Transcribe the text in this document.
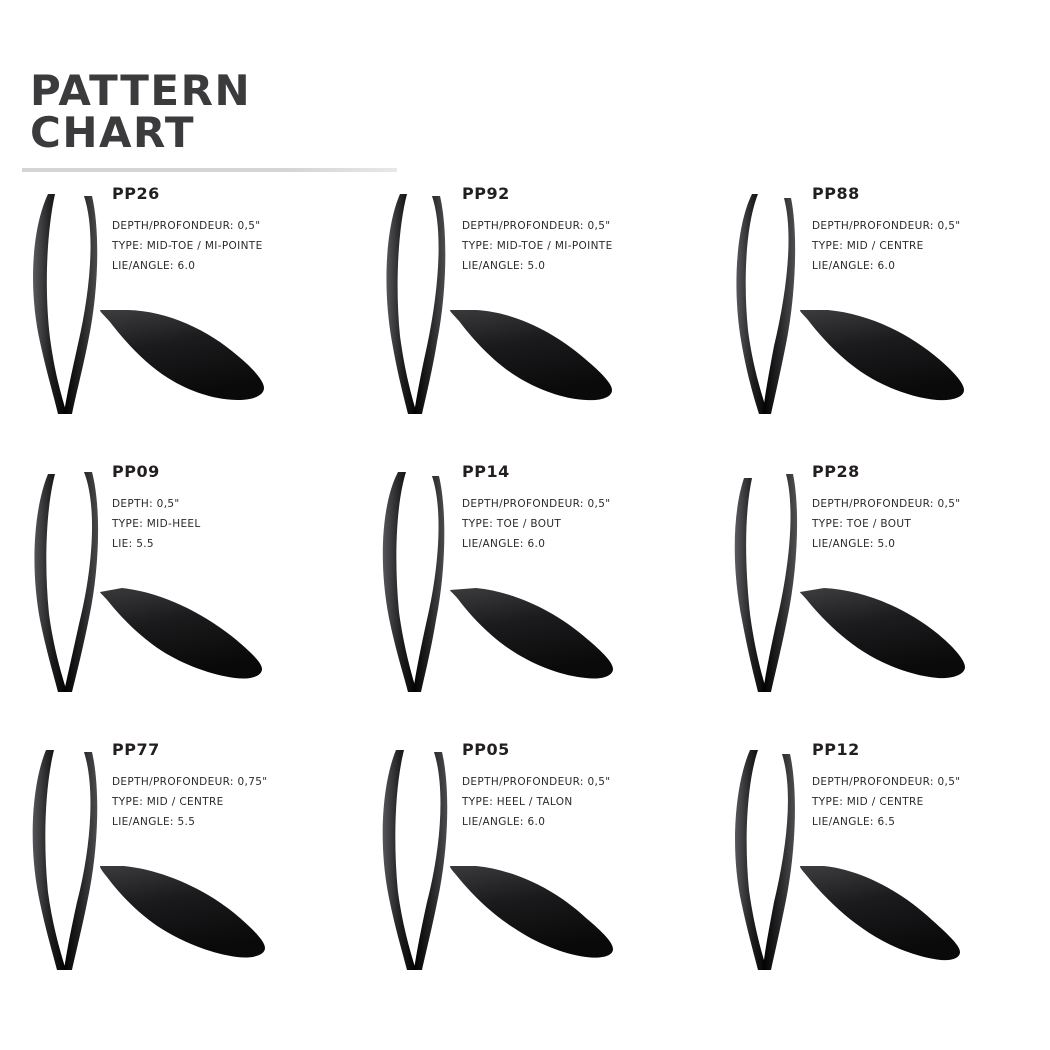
PATTERN CHART
PP26
DEPTH/PROFONDEUR: 0,5"
TYPE: MID-TOE / MI-POINTE
LIE/ANGLE: 6.0
PP92
DEPTH/PROFONDEUR: 0,5"
TYPE: MID-TOE / MI-POINTE
LIE/ANGLE: 5.0
PP88
DEPTH/PROFONDEUR: 0,5"
TYPE: MID / CENTRE
LIE/ANGLE: 6.0
PP09
DEPTH: 0,5"
TYPE: MID-HEEL
LIE: 5.5
PP14
DEPTH/PROFONDEUR: 0,5"
TYPE: TOE / BOUT
LIE/ANGLE: 6.0
PP28
DEPTH/PROFONDEUR: 0,5"
TYPE: TOE / BOUT
LIE/ANGLE: 5.0
PP77
DEPTH/PROFONDEUR: 0,75"
TYPE: MID / CENTRE
LIE/ANGLE: 5.5
PP05
DEPTH/PROFONDEUR: 0,5"
TYPE: HEEL / TALON
LIE/ANGLE: 6.0
PP12
DEPTH/PROFONDEUR: 0,5"
TYPE: MID / CENTRE
LIE/ANGLE: 6.5
